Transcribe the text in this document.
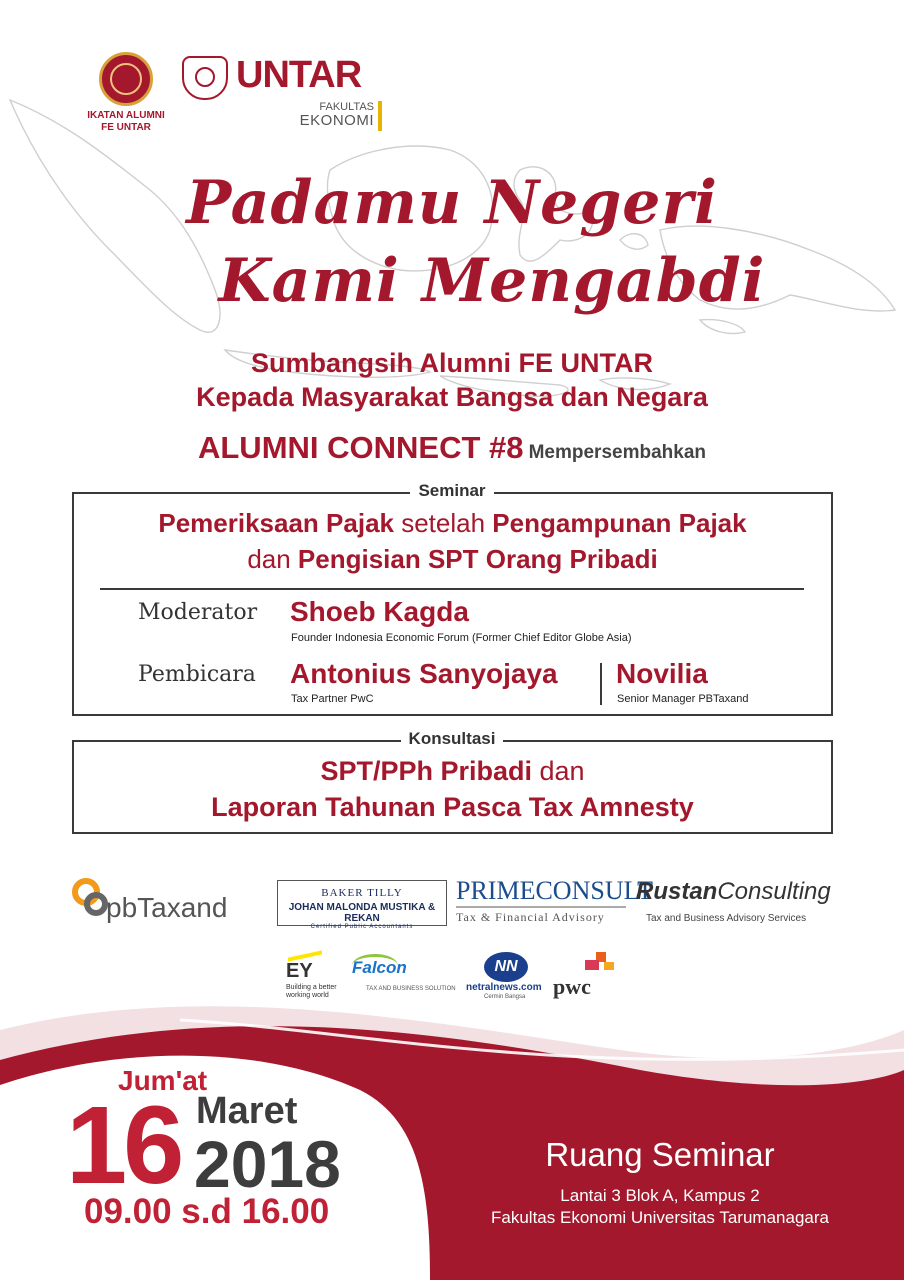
IKATAN ALUMNI
FE UNTAR
UNTAR
FAKULTAS
EKONOMI
Padamu Negeri
Kami Mengabdi
Sumbangsih Alumni FE UNTAR
Kepada Masyarakat Bangsa dan Negara
ALUMNI CONNECT #8 Mempersembahkan
Seminar
Pemeriksaan Pajak setelah Pengampunan Pajak
dan Pengisian SPT Orang Pribadi
Moderator Shoeb Kagda
Founder Indonesia Economic Forum (Former Chief Editor Globe Asia)
Pembicara Antonius Sanyojaya
Tax Partner PwC
Novilia
Senior Manager PBTaxand
Konsultasi
SPT/PPh Pribadi dan
Laporan Tahunan Pasca Tax Amnesty
pbTaxand	BAKER TILLY
JOHAN MALONDA MUSTIKA & REKAN
Certified Public Accountants
PRIMECONSULT
Tax & Financial Advisory
RustanConsulting
Tax and Business Advisory Services
EY
Building a better
working world
Falcon
TAX AND BUSINESS SOLUTION
NN
netralnews.com
Cermin Bangsa pwc
Jum'at
16 Maret
2018
09.00 s.d 16.00
Ruang Seminar
Lantai 3 Blok A, Kampus 2
Fakultas Ekonomi Universitas Tarumanagara
